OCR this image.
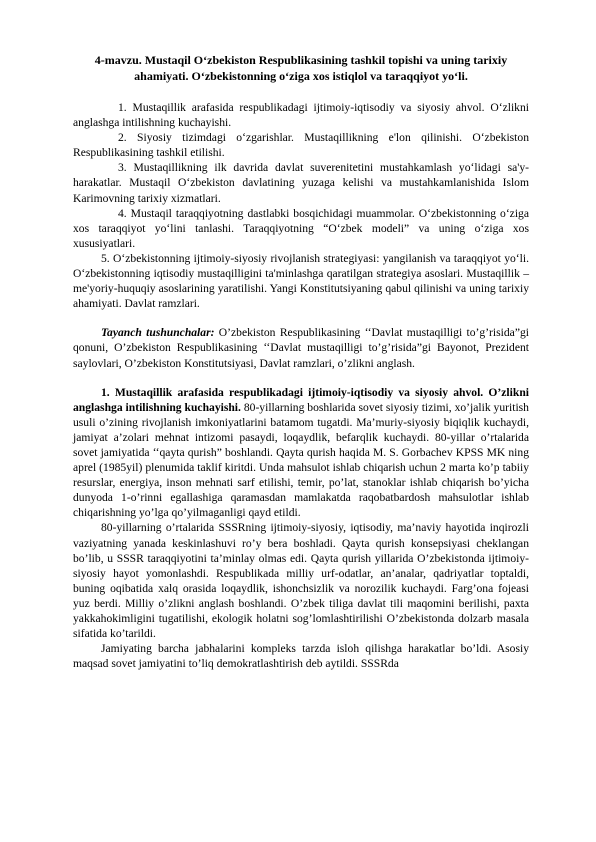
4-mavzu. Mustaqil O‘zbekiston Respublikasining tashkil topishi va uning tarixiy ahamiyati. O‘zbekistonning o‘ziga xos istiqlol va taraqqiyot yo‘li.

1. Mustaqillik arafasida respublikadagi ijtimoiy-iqtisodiy va siyosiy ahvol. O‘zlikni anglashga intilishning kuchayishi.

2. Siyosiy tizimdagi o‘zgarishlar. Mustaqillikning e'lon qilinishi. O‘zbekiston Respublikasining tashkil etilishi.

3. Mustaqillikning ilk davrida davlat suverenitetini mustahkamlash yo‘lidagi sa'y-harakatlar. Mustaqil O‘zbekiston davlatining yuzaga kelishi va mustahkamlanishida Islom Karimovning tarixiy xizmatlari.

4. Mustaqil taraqqiyotning dastlabki bosqichidagi muammolar. O‘zbekistonning o‘ziga xos taraqqiyot yo‘lini tanlashi. Taraqqiyotning “O‘zbek modeli” va uning o‘ziga xos xususiyatlari.

5. O‘zbekistonning ijtimoiy-siyosiy rivojlanish strategiyasi: yangilanish va taraqqiyot yo‘li. O‘zbekistonning iqtisodiy mustaqilligini ta'minlashga qaratilgan strategiya asoslari. Mustaqillik – me'yoriy-huquqiy asoslarining yaratilishi. Yangi Konstitutsiyaning qabul qilinishi va uning tarixiy ahamiyati. Davlat ramzlari.

Tayanch tushunchalar: O’zbekiston Respublikasining ‘‘Davlat mustaqilligi to’g’risida”gi qonuni, O’zbekiston Respublikasining ‘‘Davlat mustaqilligi to’g’risida”gi Bayonot, Prezident saylovlari, O’zbekiston Konstitutsiyasi, Davlat ramzlari, o’zlikni anglash.

1. Mustaqillik arafasida respublikadagi ijtimoiy-iqtisodiy va siyosiy ahvol. O’zlikni anglashga intilishning kuchayishi. 80-yillarning boshlarida sovet siyosiy tizimi, xo’jalik yuritish usuli o’zining rivojlanish imkoniyatlarini batamom tugatdi. Ma’muriy-siyosiy biqiqlik kuchaydi, jamiyat a’zolari mehnat intizomi pasaydi, loqaydlik, befarqlik kuchaydi. 80-yillar o’rtalarida sovet jamiyatida ‘‘qayta qurish” boshlandi. Qayta qurish haqida M. S. Gorbachev KPSS MK ning aprel (1985yil) plenumida taklif kiritdi. Unda mahsulot ishlab chiqarish uchun 2 marta ko’p tabiiy resurslar, energiya, inson mehnati sarf etilishi, temir, po’lat, stanoklar ishlab chiqarish bo’yicha dunyoda 1-o’rinni egallashiga qaramasdan mamlakatda raqobatbardosh mahsulotlar ishlab chiqarishning yo’lga qo’yilmaganligi qayd etildi.

80-yillarning o’rtalarida SSSRning ijtimoiy-siyosiy, iqtisodiy, ma’naviy hayotida inqirozli vaziyatning yanada keskinlashuvi ro’y bera boshladi. Qayta qurish konsepsiyasi cheklangan bo’lib, u SSSR taraqqiyotini ta’minlay olmas edi. Qayta qurish yillarida O’zbekistonda ijtimoiy-siyosiy hayot yomonlashdi. Respublikada milliy urf-odatlar, an’analar, qadriyatlar toptaldi, buning oqibatida xalq orasida loqaydlik, ishonchsizlik va norozilik kuchaydi. Farg’ona fojeasi yuz berdi. Milliy o’zlikni anglash boshlandi. O’zbek tiliga davlat tili maqomini berilishi, paxta yakkahokimligini tugatilishi, ekologik holatni sog’lomlashtirilishi O’zbekistonda dolzarb masala sifatida ko’tarildi.

Jamiyating barcha jabhalarini kompleks tarzda isloh qilishga harakatlar bo’ldi. Asosiy maqsad sovet jamiyatini to’liq demokratlashtirish deb aytildi. SSSRda
